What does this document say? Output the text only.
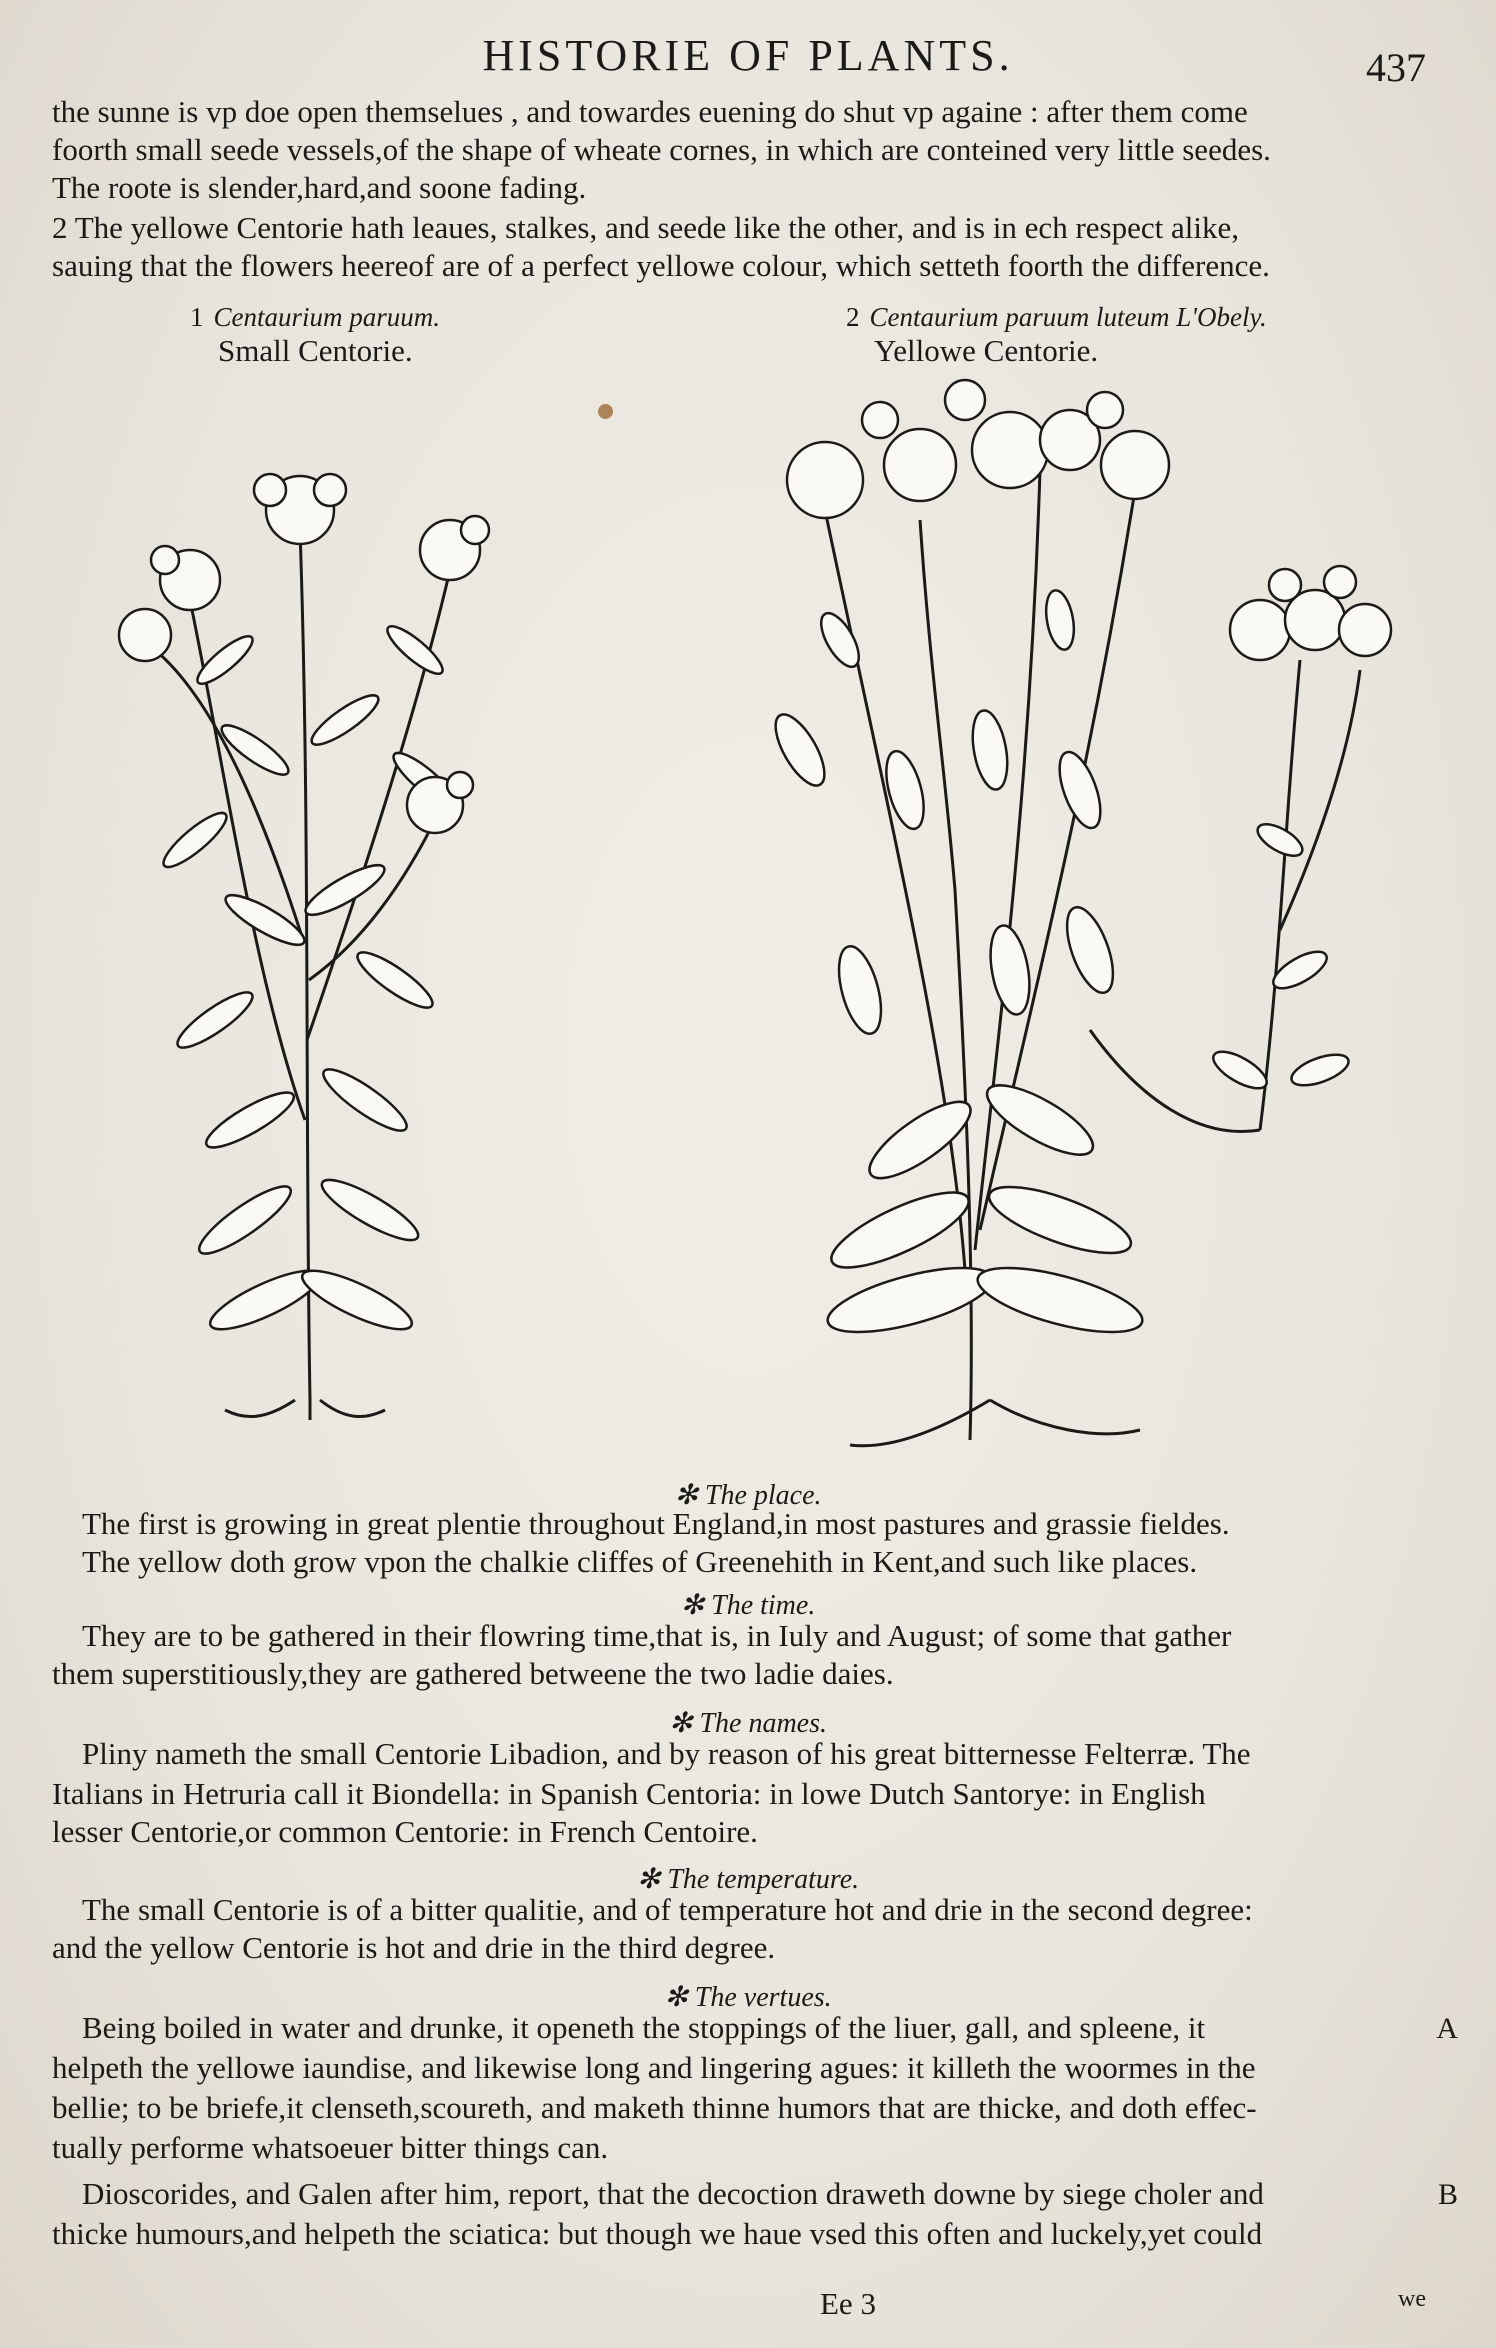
HISTORIE OF PLANTS.	437
the sunne is vp doe open themselues , and towardes euening do shut vp againe : after them come
foorth small seede vessels,of the shape of wheate cornes, in which are conteined very little seedes.
The roote is slender,hard,and soone fading.
2 The yellowe Centorie hath leaues, stalkes, and seede like the other, and is in ech respect alike,
sauing that the flowers heereof are of a perfect yellowe colour, which setteth foorth the difference.
1 Centaurium paruum.
Small Centorie.
2 Centaurium paruum luteum L'Obely.
Yellowe Centorie.
✻ The place.
The first is growing in great plentie throughout England,in most pastures and grassie fieldes.
The yellow doth grow vpon the chalkie cliffes of Greenehith in Kent,and such like places.
✻ The time.
They are to be gathered in their flowring time,that is, in Iuly and August; of some that gather
them superstitiously,they are gathered betweene the two ladie daies.
✻ The names.
Pliny nameth the small Centorie Libadion, and by reason of his great bitternesse Felterræ. The
Italians in Hetruria call it Biondella: in Spanish Centoria: in lowe Dutch Santorye: in English
lesser Centorie,or common Centorie: in French Centoire.
✻ The temperature.
The small Centorie is of a bitter qualitie, and of temperature hot and drie in the second degree:
and the yellow Centorie is hot and drie in the third degree.
✻ The vertues.
Being boiled in water and drunke, it openeth the stoppings of the liuer, gall, and spleene, it
helpeth the yellowe iaundise, and likewise long and lingering agues: it killeth the woormes in the
bellie; to be briefe,it clenseth,scoureth, and maketh thinne humors that are thicke, and doth effec-
tually performe whatsoeuer bitter things can.
Dioscorides, and Galen after him, report, that the decoction draweth downe by siege choler and
thicke humours,and helpeth the sciatica: but though we haue vsed this often and luckely,yet could
A
B
Ee 3	we
